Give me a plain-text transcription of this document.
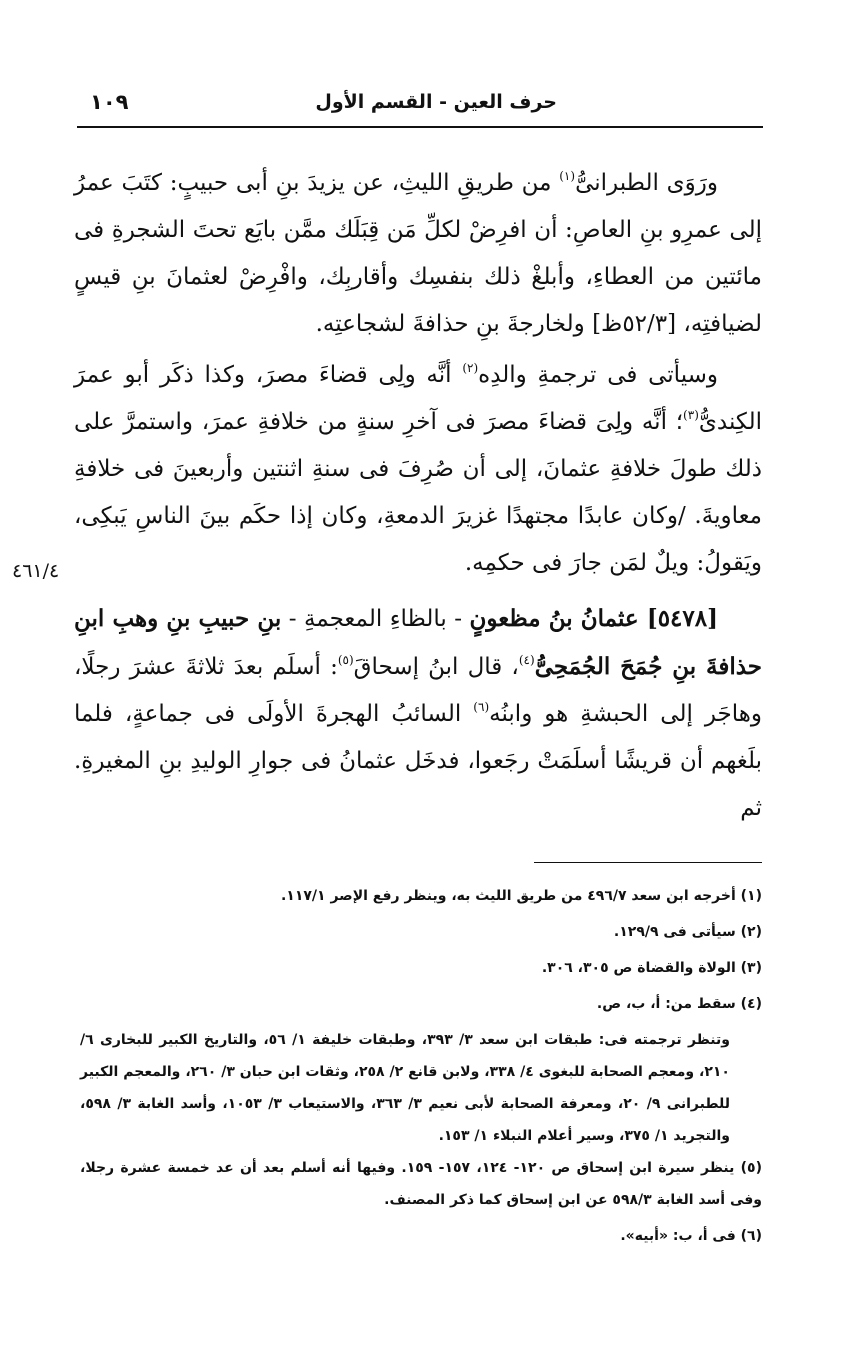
حرف العين - القسم الأول
١٠٩
٤٦١/٤

ورَوَى الطبرانىُّ$^{(١)}$ من طريقِ الليثِ، عن يزيدَ بنِ أبى حبيبٍ: كتَبَ عمرُ إلى عمرِو بنِ العاصِ: أن افرِضْ لكلِّ مَن قِبَلَك ممَّن بايَع تحتَ الشجرةِ فى مائتين من العطاءِ، وأبلغْ ذلك بنفسِك وأقاربِك، وافْرِضْ لعثمانَ بنِ قيسٍ لضيافتِه، [٥٢/٣ظ] ولخارجةَ بنِ حذافةَ لشجاعتِه.

وسيأتى فى ترجمةِ والدِه$^{(٢)}$ أنَّه ولِى قضاءَ مصرَ، وكذا ذكَر أبو عمرَ الكِندىُّ$^{(٣)}$؛ أنَّه ولِىَ قضاءَ مصرَ فى آخرِ سنةٍ من خلافةِ عمرَ، واستمرَّ على ذلك طولَ خلافةِ عثمانَ، إلى أن صُرِفَ فى سنةِ اثنتين وأربعينَ فى خلافةِ معاويةَ. /وكان عابدًا مجتهدًا غزيرَ الدمعةِ، وكان إذا حكَم بينَ الناسِ يَبكِى، ويَقولُ: ويلٌ لمَن جارَ فى حكمِه.

[٥٤٧٨] عثمانُ بنُ مظعونٍ - بالظاءِ المعجمةِ - بنِ حبيبِ بنِ وهبِ ابنِ حذافةَ بنِ جُمَحَ الجُمَحِىُّ$^{(٤)}$، قال ابنُ إسحاقَ$^{(٥)}$: أسلَم بعدَ ثلاثةَ عشرَ رجلًا، وهاجَر إلى الحبشةِ هو وابنُه$^{(٦)}$ السائبُ الهجرةَ الأولَى فى جماعةٍ، فلما بلَغهم أن قريشًا أسلَمَتْ رجَعوا، فدخَل عثمانُ فى جوارِ الوليدِ بنِ المغيرةِ. ثم

(١) أخرجه ابن سعد ٤٩٦/٧ من طريق الليث به، وينظر رفع الإصر ١١٧/١.

(٢) سيأتى فى ١٢٩/٩.

(٣) الولاة والقضاة ص ٣٠٥، ٣٠٦.

(٤) سقط من: أ، ب، ص.

وتنظر ترجمته فى: طبقات ابن سعد ٣/ ٣٩٣، وطبقات خليفة ١/ ٥٦، والتاريخ الكبير للبخارى ٦/ ٢١٠، ومعجم الصحابة للبغوى ٤/ ٣٣٨، ولابن قانع ٢/ ٢٥٨، وثقات ابن حبان ٣/ ٢٦٠، والمعجم الكبير للطبرانى ٩/ ٢٠، ومعرفة الصحابة لأبى نعيم ٣/ ٣٦٣، والاستيعاب ٣/ ١٠٥٣، وأسد الغابة ٣/ ٥٩٨، والتجريد ١/ ٣٧٥، وسير أعلام النبلاء ١/ ١٥٣.

(٥) ينظر سيرة ابن إسحاق ص ١٢٠- ١٢٤، ١٥٧- ١٥٩. وفيها أنه أسلم بعد أن عد خمسة عشرة رجلا، وفى أسد الغابة ٥٩٨/٣ عن ابن إسحاق كما ذكر المصنف.

(٦) فى أ، ب: «أبيه».
